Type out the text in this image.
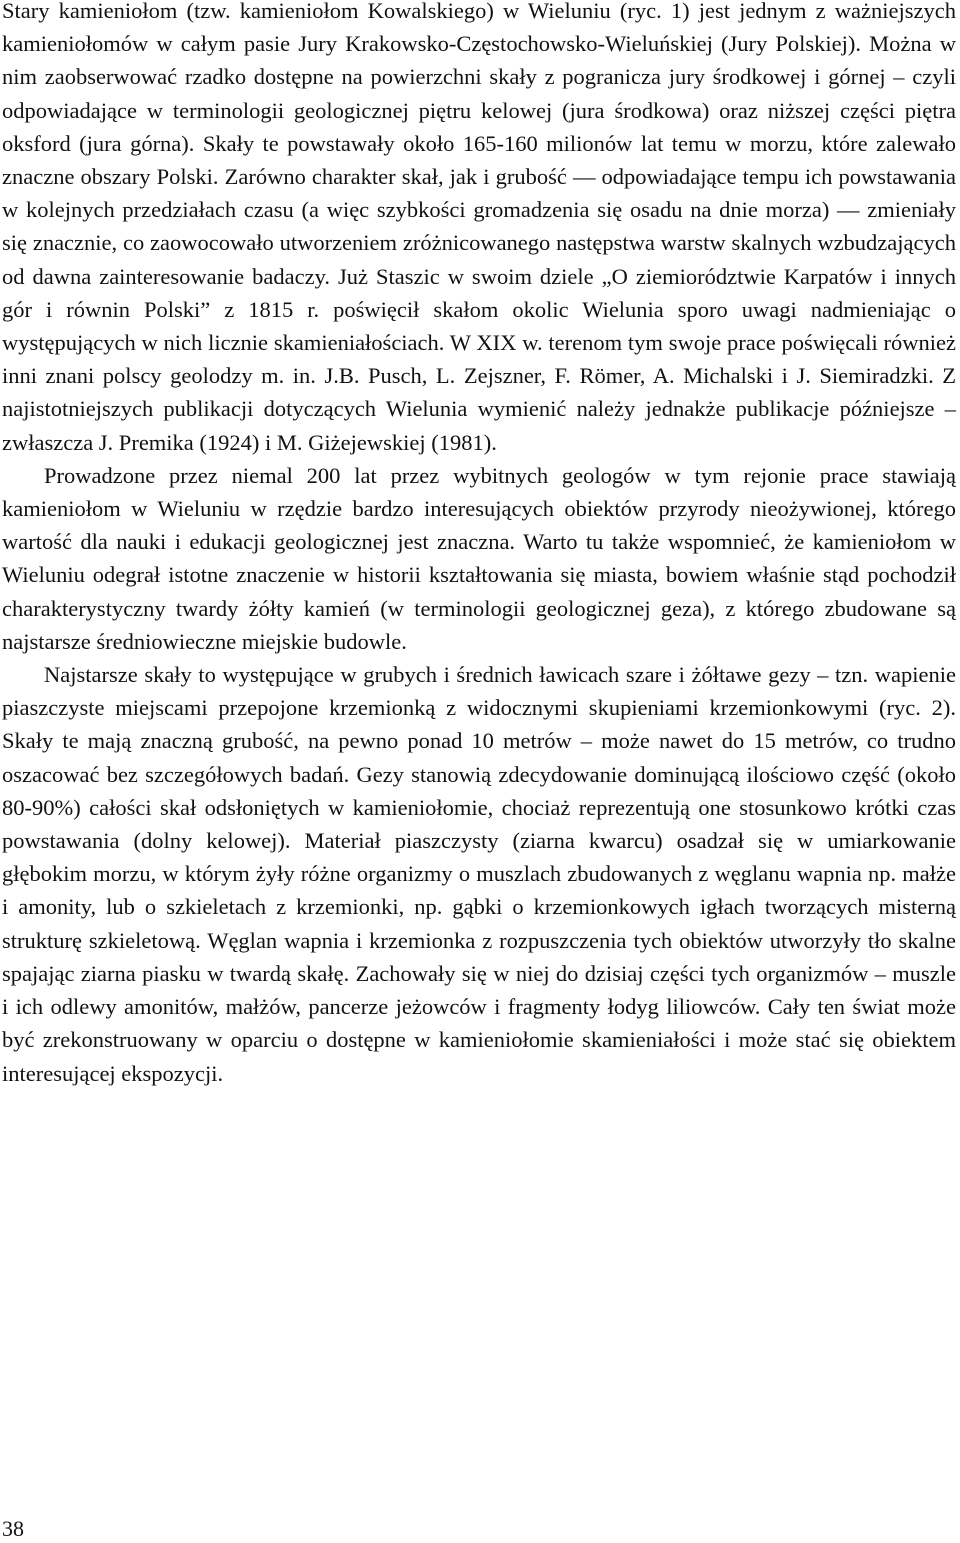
Stary kamieniołom (tzw. kamieniołom Kowalskiego) w Wieluniu (ryc. 1) jest jednym z ważniejszych kamieniołomów w całym pasie Jury Krakowsko-Częstochowsko-Wieluńskiej (Jury Polskiej). Można w nim zaobserwować rzadko dostępne na powierzchni skały z pogranicza jury środkowej i górnej – czyli odpowiadające w terminologii geologicznej piętru kelowej (jura środkowa) oraz niższej części piętra oksford (jura górna). Skały te powstawały około 165-160 milionów lat temu w morzu, które zalewało znaczne obszary Polski. Zarówno charakter skał, jak i grubość — odpowiadające tempu ich powstawania w kolejnych przedziałach czasu (a więc szybkości gromadzenia się osadu na dnie morza) — zmieniały się znacznie, co zaowocowało utworzeniem zróżnicowanego następstwa warstw skalnych wzbudzających od dawna zainteresowanie badaczy. Już Staszic w swoim dziele „O ziemiorództwie Karpatów i innych gór i równin Polski” z 1815 r. poświęcił skałom okolic Wielunia sporo uwagi nadmieniając o występujących w nich licznie skamieniałościach. W XIX w. terenom tym swoje prace poświęcali również inni znani polscy geolodzy m. in. J.B. Pusch, L. Zejszner, F. Römer, A. Michalski i J. Siemiradzki. Z najistotniejszych publikacji dotyczących Wielunia wymienić należy jednakże publikacje późniejsze – zwłaszcza J. Premika (1924) i M. Giżejewskiej (1981).

Prowadzone przez niemal 200 lat przez wybitnych geologów w tym rejonie prace stawiają kamieniołom w Wieluniu w rzędzie bardzo interesujących obiektów przyrody nieożywionej, którego wartość dla nauki i edukacji geologicznej jest znaczna. Warto tu także wspomnieć, że kamieniołom w Wieluniu odegrał istotne znaczenie w historii kształtowania się miasta, bowiem właśnie stąd pochodził charakterystyczny twardy żółty kamień (w terminologii geologicznej geza), z którego zbudowane są najstarsze średniowieczne miejskie budowle.

Najstarsze skały to występujące w grubych i średnich ławicach szare i żółtawe gezy – tzn. wapienie piaszczyste miejscami przepojone krzemionką z widocznymi skupieniami krzemionkowymi (ryc. 2). Skały te mają znaczną grubość, na pewno ponad 10 metrów – może nawet do 15 metrów, co trudno oszacować bez szczegółowych badań. Gezy stanowią zdecydowanie dominującą ilościowo część (około 80-90%) całości skał odsłoniętych w kamieniołomie, chociaż reprezentują one stosunkowo krótki czas powstawania (dolny kelowej). Materiał piaszczysty (ziarna kwarcu) osadzał się w umiarkowanie głębokim morzu, w którym żyły różne organizmy o muszlach zbudowanych z węglanu wapnia np. małże i amonity, lub o szkieletach z krzemionki, np. gąbki o krzemionkowych igłach tworzących misterną strukturę szkieletową. Węglan wapnia i krzemionka z rozpuszczenia tych obiektów utworzyły tło skalne spajając ziarna piasku w twardą skałę. Zachowały się w niej do dzisiaj części tych organizmów – muszle i ich odlewy amonitów, małżów, pancerze jeżowców i fragmenty łodyg liliowców. Cały ten świat może być zrekonstruowany w oparciu o dostępne w kamieniołomie skamieniałości i może stać się obiektem interesującej ekspozycji.

38
